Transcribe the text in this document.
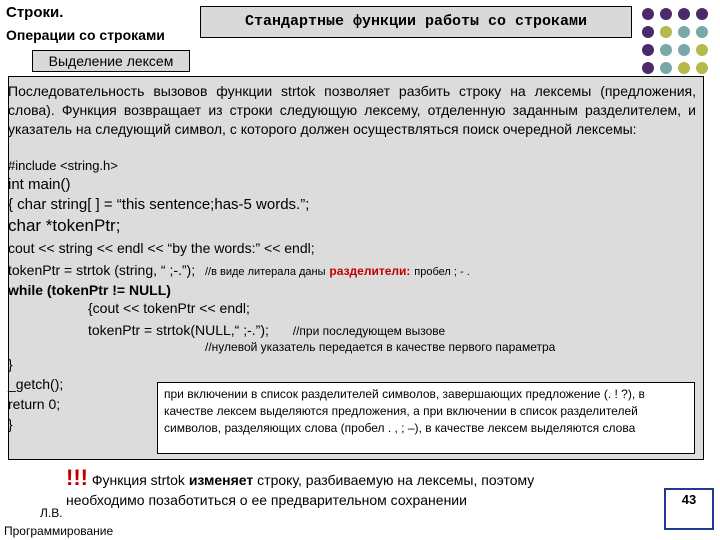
Строки.
Операции со строками
Выделение лексем
Стандартные функции работы со строками
Последовательность вызовов функции strtok позволяет разбить строку на лексемы (предложения, слова). Функция возвращает из строки следующую лексему, отделенную заданным разделителем, и указатель на следующий символ, с которого должен осуществляться поиск очередной лексемы:
#include <string.h>
int main()
{ char string[ ] = “this sentence;has-5 words.”;
char *tokenPtr;
cout << string << endl << “by the words:” << endl;
tokenPtr = strtok (string, “ ;-.”); //в виде литерала даны разделители: пробел ; - .
while (tokenPtr != NULL)
{cout << tokenPtr << endl;
tokenPtr = strtok(NULL,“ ;-.”); //при последующем вызове
//нулевой указатель передается в качестве первого параметра
}
_getch();
return 0;
}
при включении в список разделителей символов, завершающих предложение (. ! ?), в качестве лексем выделяются предложения, а при включении в список разделителей символов, разделяющих слова (пробел . , ; –), в качестве лексем выделяются слова
!!! Функция strtok изменяет строку, разбиваемую на лексемы, поэтому
необходимо позаботиться о ее предварительном сохранении
Л.В.
Программирование
43
